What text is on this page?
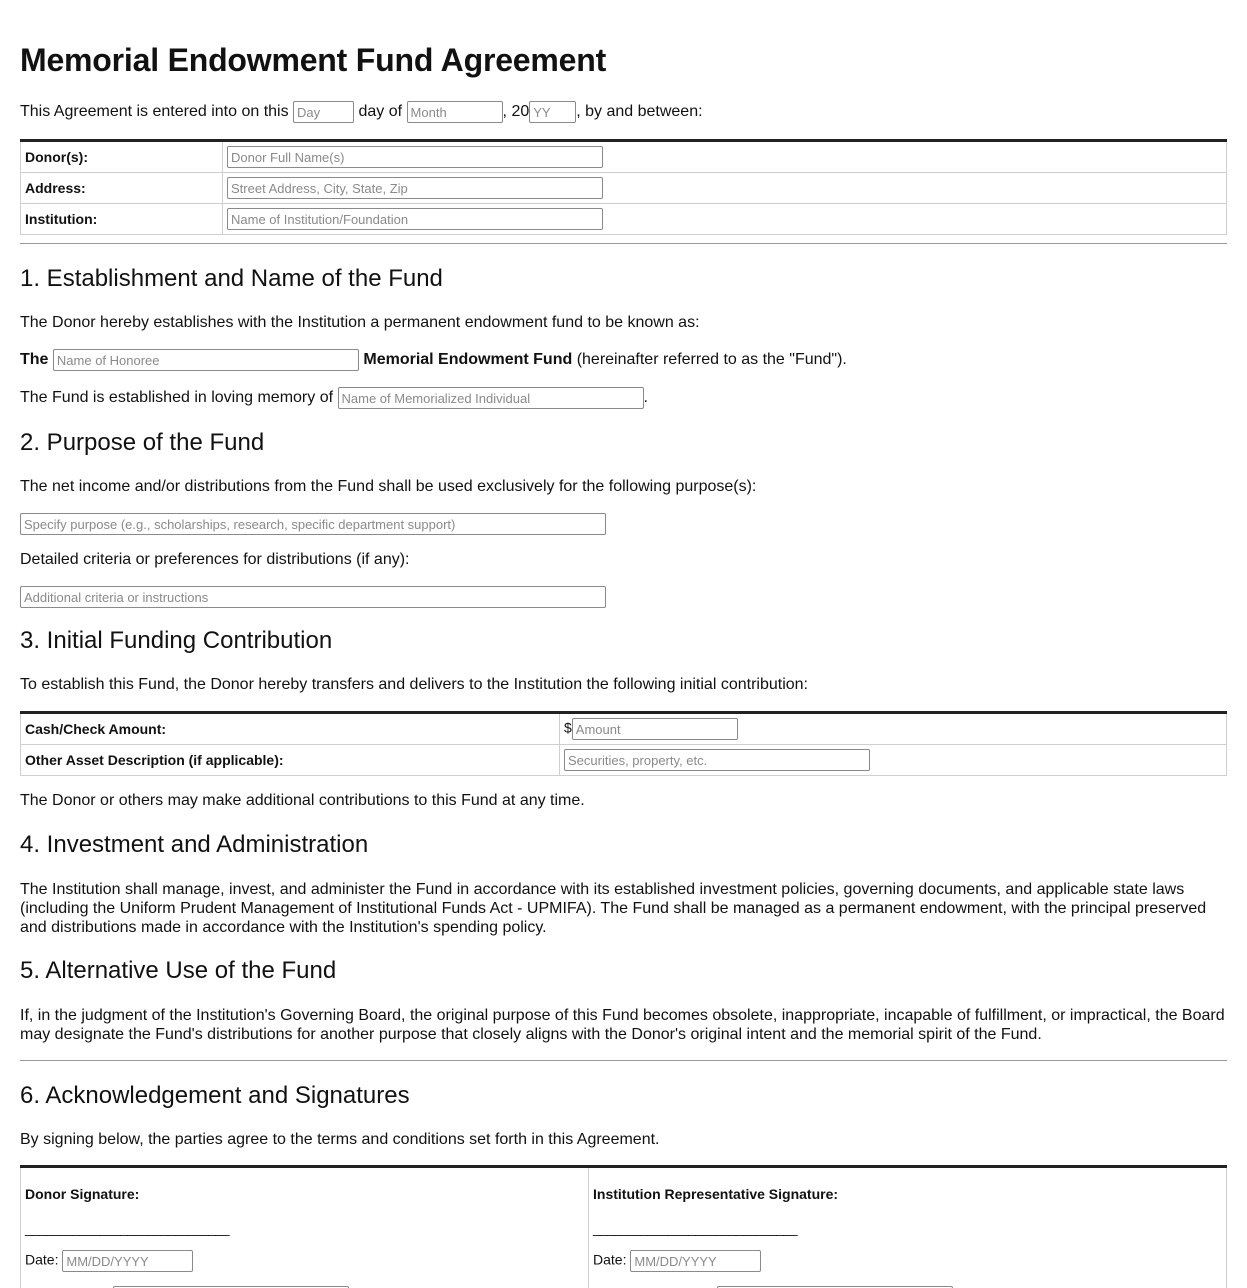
Memorial Endowment Fund Agreement
This Agreement is entered into on this Day	day of Month	, 20YY	, by and between:
Donor(s):	Donor Full Name(s)
Address:	Street Address, City, State, Zip
Institution:	Name of Institution/Foundation
1. Establishment and Name of the Fund
The Donor hereby establishes with the Institution a permanent endowment fund to be known as:
The Name of Honoree	Memorial Endowment Fund (hereinafter referred to as the "Fund").
The Fund is established in loving memory of Name of Memorialized Individual	.
2. Purpose of the Fund
The net income and/or distributions from the Fund shall be used exclusively for the following purpose(s):
Specify purpose (e.g., scholarships, research, specific department support)
Detailed criteria or preferences for distributions (if any):
Additional criteria or instructions
3. Initial Funding Contribution
To establish this Fund, the Donor hereby transfers and delivers to the Institution the following initial contribution:
Cash/Check Amount:	$Amount
Other Asset Description (if applicable):	Securities, property, etc.
The Donor or others may make additional contributions to this Fund at any time.
4. Investment and Administration
The Institution shall manage, invest, and administer the Fund in accordance with its established investment policies, governing documents, and applicable state laws (including the Uniform Prudent Management of Institutional Funds Act - UPMIFA). The Fund shall be managed as a permanent endowment, with the principal preserved and distributions made in accordance with the Institution's spending policy.
5. Alternative Use of the Fund
If, in the judgment of the Institution's Governing Board, the original purpose of this Fund becomes obsolete, inappropriate, incapable of fulfillment, or impractical, the Board may designate the Fund's distributions for another purpose that closely aligns with the Donor's original intent and the memorial spirit of the Fund.
6. Acknowledgement and Signatures
By signing below, the parties agree to the terms and conditions set forth in this Agreement.
Donor Signature:
______________________________
Date: MM/DD/YYYY

Institution Representative Signature:
______________________________
Date: MM/DD/YYYY
